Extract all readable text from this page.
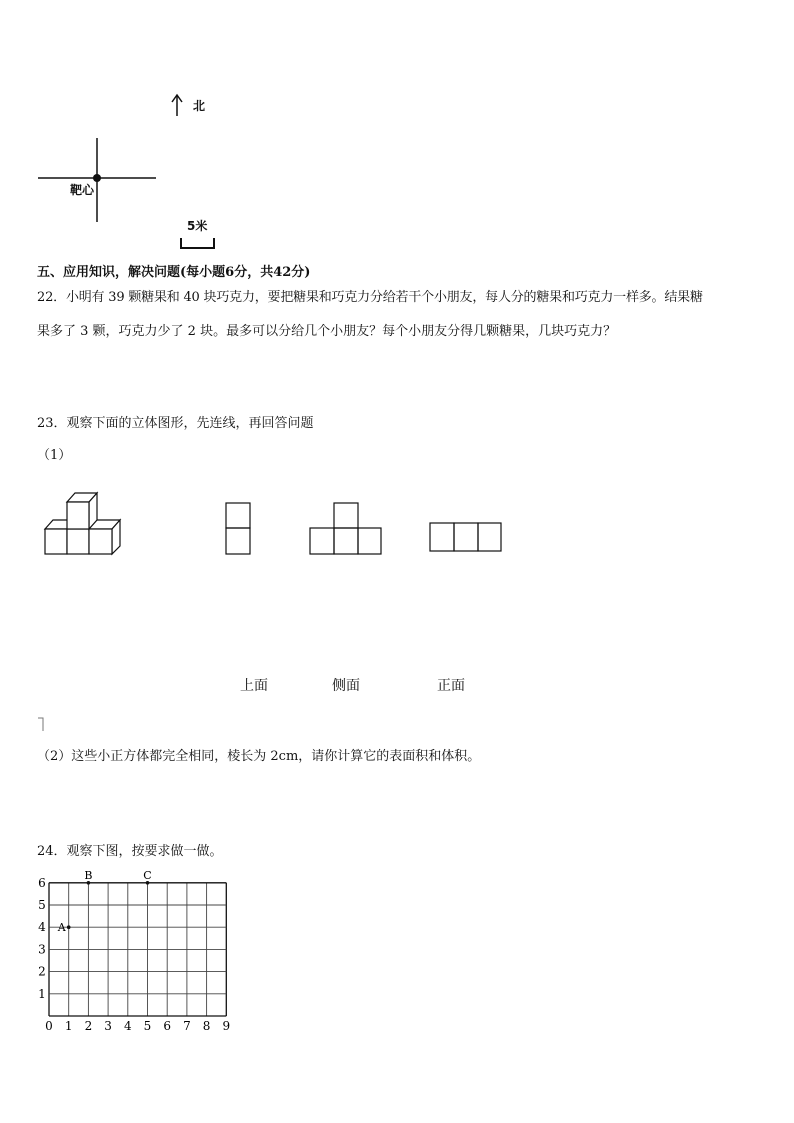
北
靶心
5米
五、应用知识，解决问题(每小题6分，共42分)
22．小明有 39 颗糖果和 40 块巧克力，要把糖果和巧克力分给若干个小朋友，每人分的糖果和巧克力一样多。结果糖
果多了 3 颗，巧克力少了 2 块。最多可以分给几个小朋友？每个小朋友分得几颗糖果，几块巧克力？
23．观察下面的立体图形，先连线，再回答问题
（1）
上面	侧面	正面
（2）这些小正方体都完全相同，棱长为 2cm，请你计算它的表面积和体积。
24．观察下图，按要求做一做。
0 1 2 3 4 5 6 7 8 9
1
2
3
4
5
6
A
B	C
